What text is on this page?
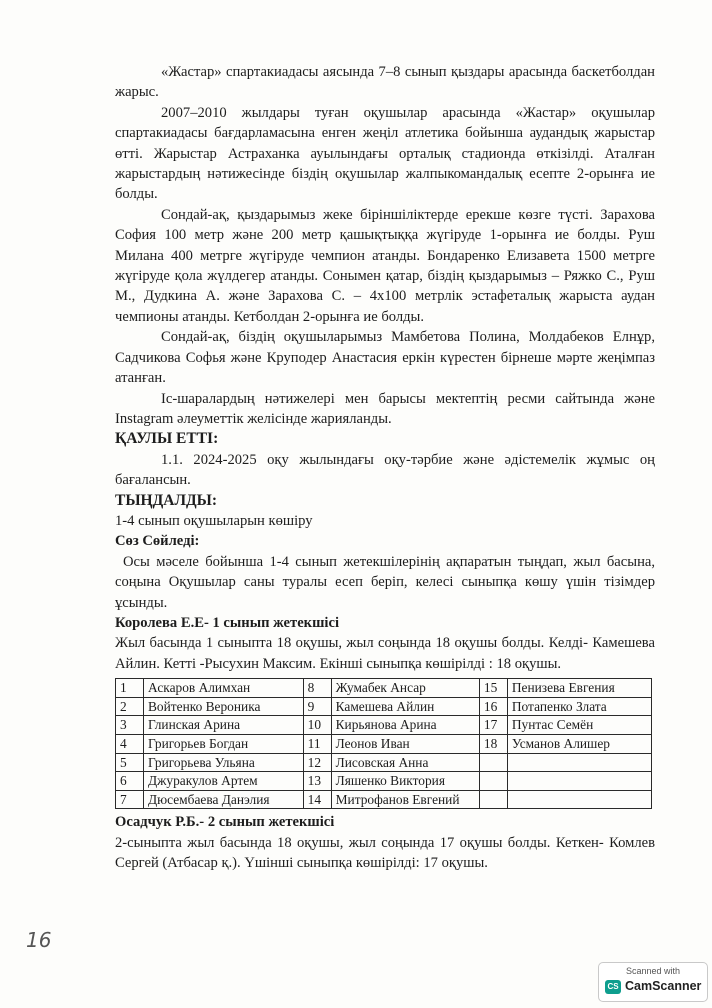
«Жастар» спартакиадасы аясында 7–8 сынып қыздары арасында баскетболдан жарыс.

2007–2010 жылдары туған оқушылар арасында «Жастар» оқушылар спартакиадасы бағдарламасына енген жеңіл атлетика бойынша аудандық жарыстар өтті. Жарыстар Астраханка ауылындағы орталық стадионда өткізілді. Аталған жарыстардың нәтижесінде біздің оқушылар жалпыкомандалық есепте 2-орынға ие болды.

Сондай-ақ, қыздарымыз жеке біріншіліктерде ерекше көзге түсті. Зарахова София 100 метр және 200 метр қашықтыққа жүгіруде 1-орынға ие болды. Руш Милана 400 метрге жүгіруде чемпион атанды. Бондаренко Елизавета 1500 метрге жүгіруде қола жүлдегер атанды. Сонымен қатар, біздің қыздарымыз – Ряжко С., Руш М., Дудкина А. және Зарахова С. – 4х100 метрлік эстафеталық жарыста аудан чемпионы атанды. Кетболдан 2-орынға ие болды.

Сондай-ақ, біздің оқушыларымыз Мамбетова Полина, Молдабеков Елнұр, Садчикова Софья және Круподер Анастасия еркін күрестен бірнеше мәрте жеңімпаз атанған.

Іс-шаралардың нәтижелері мен барысы мектептің ресми сайтында және Instagram әлеуметтік желісінде жарияланды.

ҚАУЛЫ ЕТТІ:

1.1. 2024-2025 оқу жылындағы оқу-тәрбие және әдістемелік жұмыс оң бағалансын.

ТЫҢДАЛДЫ:

1-4 сынып оқушыларын көшіру

Сөз Сөйледі:

Осы мәселе бойынша 1-4 сынып жетекшілерінің ақпаратын тыңдап, жыл басына, соңына Оқушылар саны туралы есеп беріп, келесі сыныпқа көшу үшін тізімдер ұсынды.

Королева Е.Е- 1 сынып жетекшісі

Жыл басында 1 сыныпта 18 оқушы, жыл соңында 18 оқушы болды. Келді- Камешева Айлин. Кетті -Рысухин Максим. Екінші сыныпқа көшірілді : 18 оқушы.

1	Аскаров Алимхан	8	Жумабек Ансар	15	Пенизева Евгения
2	Войтенко Вероника	9	Камешева Айлин	16	Потапенко Злата
3	Глинская Арина	10	Кирьянова Арина	17	Пунтас Семён
4	Григорьев Богдан	11	Леонов Иван	18	Усманов Алишер
5	Григорьева Ульяна	12	Лисовская Анна		
6	Джуракулов Артем	13	Ляшенко Виктория		
7	Дюсембаева Данэлия	14	Митрофанов Евгений		

Осадчук Р.Б.- 2 сынып жетекшісі

2-сыныпта жыл басында 18 оқушы, жыл соңында 17 оқушы болды. Кеткен- Комлев Сергей (Атбасар қ.). Үшінші сыныпқа көшірілді: 17 оқушы.

16
Scanned with
CS CamScanner
